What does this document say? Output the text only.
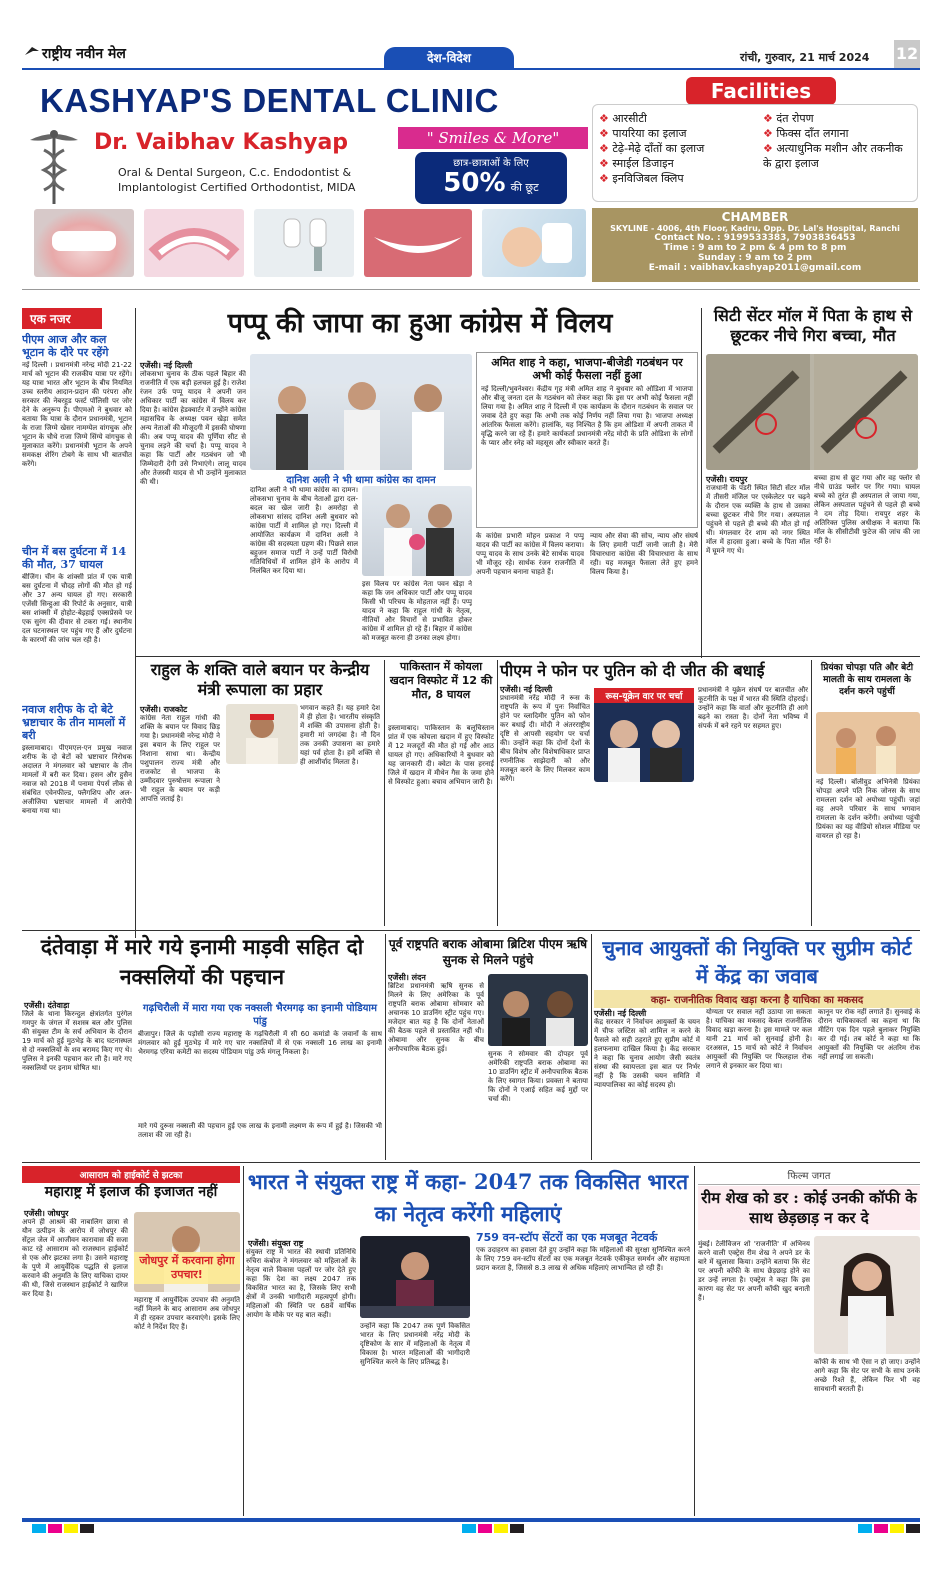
राष्ट्रीय नवीन मेल	देश-विदेश	रांची, गुरुवार, 21 मार्च 2024 12
KASHYAP'S DENTAL CLINIC
Dr. Vaibhav Kashyap
Oral & Dental Surgeon, C.c. Endodontist &
Implantologist Certified Orthodontist, MIDA
" Smiles & More"
छात्र-छात्राओं के लिए
50% की छूट
Facilities
❖ आरसीटी
❖ पायरिया का इलाज
❖ टेढ़े-मेढ़े दाँतों का इलाज
❖ स्माईल डिजाइन
❖ इनविजिबल क्लिप
❖ दंत रोपण
❖ फिक्स दाँत लगाना
❖ अत्याधुनिक मशीन और तकनीक के द्वारा इलाज
CHAMBER
SKYLINE - 4006, 4th Floor, Kadru, Opp. Dr. Lal's Hospital, Ranchi
Contact No. : 9199533383, 7903836453
Time : 9 am to 2 pm & 4 pm to 8 pm
Sunday : 9 am to 2 pm
E-mail : vaibhav.kashyap2011@gmail.com
एक नजर
पीएम आज और कल भूटान के दौरे पर रहेंगे
नई दिल्ली । प्रधानमंत्री नरेन्द्र मोदी 21-22 मार्च को भूटान की राजकीय यात्रा पर रहेंगे। यह यात्रा भारत और भूटान के बीच नियमित उच्च स्तरीय आदान-प्रदान की परंपरा और सरकार की नेबरहुड फर्स्ट पॉलिसी पर जोर देने के अनुरूप है। पीएमओ ने बुधवार को बताया कि यात्रा के दौरान प्रधानमंत्री, भूटान के राजा जिग्मे खेसर नामग्येल वांगचुक और भूटान के चौथे राजा जिग्मे सिंग्ये वांगचुक से मुलाकात करेंगे। प्रधानमंत्री भूटान के अपने समकक्ष शेरिंग टोबगे के साथ भी बातचीत करेंगे।
चीन में बस दुर्घटना में 14 की मौत, 37 घायल
बीजिंग। चीन के शांक्सी प्रांत में एक यात्री बस दुर्घटना में चौदह लोगों की मौत हो गई और 37 अन्य घायल हो गए। सरकारी एजेंसी सिन्हुआ की रिपोर्ट के अनुसार, यात्री बस शांक्सी में होहोट-बेइहाई एक्सप्रेसवे पर एक सुरंग की दीवार से टकरा गई। स्थानीय दल घटनास्थल पर पहुंच गए हैं और दुर्घटना के कारणों की जांच चल रही है।
नवाज शरीफ के दो बेटे भ्रष्टाचार के तीन मामलों में बरी
इस्लामाबाद। पीएमएल-एन प्रमुख नवाज शरीफ के दो बेटों को भ्रष्टाचार निरोधक अदालत ने मंगलवार को भ्रष्टाचार के तीन मामलों में बरी कर दिया। हसन और हुसैन नवाज को 2018 में पनामा पेपर्स लीक से संबंधित एवेनफील्ड, फ्लैगशिप और अल-अजीजिया भ्रष्टाचार मामलों में आरोपी बनाया गया था।
पप्पू की जापा का हुआ कांग्रेस में विलय
एजेंसी। नई दिल्ली
लोकसभा चुनाव के ठीक पहले बिहार की राजनीति में एक बड़ी हलचल हुई है। राजेश रंजन उर्फ पप्पू यादव ने अपनी जन अधिकार पार्टी का कांग्रेस में विलय कर दिया है। कांग्रेस हेडक्वार्टर में उन्होंने कांग्रेस महासचिव के अध्यक्ष पवन खेड़ा समेत अन्य नेताओं की मौजूदगी में इसकी घोषणा की। अब पप्पू यादव की पूर्णिया सीट से चुनाव लड़ने की चर्चा है। पप्पू यादव ने कहा कि पार्टी और गठबंधन जो भी जिम्मेदारी देगी उसे निभाएंगे। लालू यादव और तेजस्वी यादव से भी उन्होंने मुलाकात की थी।	दानिश अली ने भी थामा कांग्रेस का दामन
दानिश अली ने भी थामा कांग्रेस का दामन। लोकसभा चुनाव के बीच नेताओं द्वारा दल-बदल का खेल जारी है। अमरोहा से लोकसभा सांसद दानिश अली बुधवार को कांग्रेस पार्टी में शामिल हो गए। दिल्ली में आयोजित कार्यक्रम में दानिश अली ने कांग्रेस की सदस्यता ग्रहण की। पिछले साल बहुजन समाज पार्टी ने उन्हें पार्टी विरोधी गतिविधियों में शामिल होने के आरोप में निलंबित कर दिया था।
इस विलय पर कांग्रेस नेता पवन खेड़ा ने कहा कि जन अधिकार पार्टी और पप्पू यादव किसी भी परिचय के मोहताज नहीं हैं। पप्पू यादव ने कहा कि राहुल गांधी के नेतृत्व, नीतियों और विचारों से प्रभावित होकर कांग्रेस में शामिल हो रहे हैं। बिहार में कांग्रेस को मजबूत करना ही उनका लक्ष्य होगा।
अमित शाह ने कहा, भाजपा-बीजेडी गठबंधन पर अभी कोई फैसला नहीं हुआ
नई दिल्ली/भुवनेश्वर। केंद्रीय गृह मंत्री अमित शाह ने बुधवार को ओडिशा में भाजपा और बीजू जनता दल के गठबंधन को लेकर कहा कि इस पर अभी कोई फैसला नहीं लिया गया है। अमित शाह ने दिल्ली में एक कार्यक्रम के दौरान गठबंधन के सवाल पर जवाब देते हुए कहा कि अभी तक कोई निर्णय नहीं लिया गया है। भाजपा अध्यक्ष आंतरिक फैसला करेंगे। हालांकि, यह निश्चित है कि हम ओडिशा में अपनी ताकत में वृद्धि करने जा रहे हैं। हमारे कार्यकर्ता प्रधानमंत्री नरेंद्र मोदी के प्रति ओडिशा के लोगों के प्यार और स्नेह को महसूस और स्वीकार करते हैं।
के कांग्रेस प्रभारी मोहन प्रकाश ने पप्पू यादव की पार्टी का कांग्रेस में विलय कराया। पप्पू यादव के साथ उनके बेटे सार्थक यादव भी मौजूद रहे। सार्थक रंजन राजनीति में अपनी पहचान बनाना चाहते हैं।
न्याय और सेवा की सोच, न्याय और संघर्ष के लिए हमारी पार्टी जानी जाती है। मेरी विचारधारा कांग्रेस की विचारधारा के साथ रही। यह मजबूत फैसला लेते हुए हमने विलय किया है।
सिटी सेंटर मॉल में पिता के हाथ से छूटकर नीचे गिरा बच्चा, मौत
एजेंसी। रायपुर
राजधानी के पंडरी स्थित सिटी सेंटर मॉल में तीसरी मंजिल पर एस्केलेटर पर चढ़ने के दौरान एक व्यक्ति के हाथ से उसका बच्चा छूटकर नीचे गिर गया। अस्पताल पहुंचने से पहले ही बच्चे की मौत हो गई थी। मंगलवार देर शाम को नगर स्थित मॉल में हादसा हुआ। बच्चे के पिता मॉल में घूमने गए थे।
बच्चा हाथ से छूट गया और वह फ्लोर से नीचे ग्राउंड फ्लोर पर गिर गया। घायल बच्चे को तुरंत ही अस्पताल ले जाया गया, लेकिन अस्पताल पहुंचने से पहले ही बच्चे ने दम तोड़ दिया। रायपुर शहर के अतिरिक्त पुलिस अधीक्षक ने बताया कि मॉल के सीसीटीवी फुटेज की जांच की जा रही है।
राहुल के शक्ति वाले बयान पर केन्द्रीय मंत्री रूपाला का प्रहार
एजेंसी। राजकोट
कांग्रेस नेता राहुल गांधी की शक्ति के बयान पर विवाद छिड़ गया है। प्रधानमंत्री नरेन्द्र मोदी ने इस बयान के लिए राहुल पर निशाना साधा था। केन्द्रीय पशुपालन राज्य मंत्री और राजकोट से भाजपा के उम्मीदवार पुरुषोत्तम रूपाला ने भी राहुल के बयान पर कड़ी आपत्ति जताई है।
भगवान कहते हैं। यह हमारे देश में ही होता है। भारतीय संस्कृति में शक्ति की उपासना होती है। हमारी मां जगदंबा है। नौ दिन तक उनकी उपासना का हमारे यहां पर्व होता है। हमें शक्ति से ही आशीर्वाद मिलता है।
पाकिस्तान में कोयला खदान विस्फोट में 12 की मौत, 8 घायल
इस्लामाबाद। पाकिस्तान के बलूचिस्तान प्रांत में एक कोयला खदान में हुए विस्फोट में 12 मजदूरों की मौत हो गई और आठ घायल हो गए। अधिकारियों ने बुधवार को यह जानकारी दी। क्वेटा के पास हरनाई जिले में खदान में मीथेन गैस के जमा होने से विस्फोट हुआ। बचाव अभियान जारी है।
पीएम ने फोन पर पुतिन को दी जीत की बधाई
एजेंसी। नई दिल्ली
प्रधानमंत्री नरेंद्र मोदी ने रूस के राष्ट्रपति के रूप में पुनः निर्वाचित होने पर व्लादिमीर पुतिन को फोन कर बधाई दी। मोदी ने अंतरराष्ट्रीय दृष्टि से आपसी सहयोग पर चर्चा की। उन्होंने कहा कि दोनों देशों के बीच विशेष और विशेषाधिकार प्राप्त रणनीतिक साझेदारी को और मजबूत करने के लिए मिलकर काम करेंगे।
रूस-यूक्रेन वार पर चर्चा
प्रधानमंत्री ने यूक्रेन संघर्ष पर बातचीत और कूटनीति के पक्ष में भारत की स्थिति दोहराई। उन्होंने कहा कि वार्ता और कूटनीति ही आगे बढ़ने का रास्ता है। दोनों नेता भविष्य में संपर्क में बने रहने पर सहमत हुए।
प्रियंका चोपड़ा पति और बेटी मालती के साथ रामलला के दर्शन करने पहुंचीं
नई दिल्ली। बॉलीवुड अभिनेत्री प्रियंका चोपड़ा अपने पति निक जोनस के साथ रामलला दर्शन को अयोध्या पहुंचीं। जहां वह अपने परिवार के साथ भगवान रामलला के दर्शन करेंगी। अयोध्या पहुंची प्रियंका का यह वीडियो सोशल मीडिया पर वायरल हो रहा है।
दंतेवाड़ा में मारे गये इनामी माड़वी सहित दो नक्सलियों की पहचान
एजेंसी। दंतेवाड़ा
जिले के थाना किरन्दुल क्षेत्रांतर्गत पुरंगेल गमपुर के जंगल में सशस्त्र बल और पुलिस की संयुक्त टीम के सर्च अभियान के दौरान 19 मार्च को हुई मुठभेड़ के बाद घटनास्थल से दो नक्सलियों के शव बरामद किए गए थे। पुलिस ने इनकी पहचान कर ली है। मारे गए नक्सलियों पर इनाम घोषित था।
गढ़चिरौली में मारा गया एक नक्सली भैरमगढ़ का इनामी पोडियाम पांडु
बीजापुर। जिले के पड़ोसी राज्य महाराष्ट्र के गढ़चिरौली में सी 60 कमांडो के जवानों के साथ मंगलवार को हुई मुठभेड़ में मारे गए चार नक्सलियों में से एक नक्सली 16 लाख का इनामी भैरमगढ़ एरिया कमेटी का सदस्य पोडियाम पांडु उर्फ मंगलू निकला है।
मारे गये दुरूस नक्सली की पहचान हुई एक लाख के इनामी लक्ष्मण के रूप में हुई है। जिसकी भी तलाश की जा रही है।
पूर्व राष्ट्रपति बराक ओबामा ब्रिटिश पीएम ऋषि सुनक से मिलने पहुंचे
एजेंसी। लंदन
ब्रिटिश प्रधानमंत्री ऋषि सुनक से मिलने के लिए अमेरिका के पूर्व राष्ट्रपति बराक ओबामा सोमवार को अचानक 10 डाउनिंग स्ट्रीट पहुंच गए। मजेदार बात यह है कि दोनों नेताओं की बैठक पहले से प्रस्तावित नहीं थी। ओबामा और सुनक के बीच अनौपचारिक बैठक हुई।
सुनक ने सोमवार की दोपहर पूर्व अमेरिकी राष्ट्रपति बराक ओबामा का 10 डाउनिंग स्ट्रीट में अनौपचारिक बैठक के लिए स्वागत किया। प्रवक्ता ने बताया कि दोनों ने एआई सहित कई मुद्दों पर चर्चा की।
चुनाव आयुक्तों की नियुक्ति पर सुप्रीम कोर्ट में केंद्र का जवाब
कहा- राजनीतिक विवाद खड़ा करना है याचिका का मकसद
एजेंसी। नई दिल्ली
केंद्र सरकार ने निर्वाचन आयुक्तों के चयन में चीफ जस्टिस को शामिल न करने के फैसले को सही ठहराते हुए सुप्रीम कोर्ट में हलफनामा दाखिल किया है। केंद्र सरकार ने कहा कि चुनाव आयोग जैसी स्वतंत्र संस्था की स्वायत्तता इस बात पर निर्भर नहीं है कि उसकी चयन समिति में न्यायपालिका का कोई सदस्य हो।
योग्यता पर सवाल नहीं उठाया जा सकता है। याचिका का मकसद केवल राजनीतिक विवाद खड़ा करना है। इस मामले पर कल यानी 21 मार्च को सुनवाई होनी है। दरअसल, 15 मार्च को कोर्ट ने निर्वाचन आयुक्तों की नियुक्ति पर फिलहाल रोक लगाने से इनकार कर दिया था।
कानून पर रोक नहीं लगाते हैं। सुनवाई के दौरान याचिकाकर्ता का कहना था कि मीटिंग एक दिन पहले बुलाकर नियुक्ति कर दी गई। तब कोर्ट ने कहा था कि आयुक्तों की नियुक्ति पर अंतरिम रोक नहीं लगाई जा सकती।
आसाराम को हाईकोर्ट से झटका
महाराष्ट्र में इलाज की इजाजत नहीं
एजेंसी। जोधपुर
अपने ही आश्रम की नाबालिग छात्रा से यौन उत्पीड़न के आरोप में जोधपुर की सेंट्रल जेल में आजीवन कारावास की सजा काट रहे आसाराम को राजस्थान हाईकोर्ट से एक और झटका लगा है। उसने महाराष्ट्र के पुणे में आयुर्वेदिक पद्धति से इलाज करवाने की अनुमति के लिए याचिका दायर की थी, जिसे राजस्थान हाईकोर्ट ने खारिज कर दिया है।
जोधपुर में करवाना होगा उपचार!
महाराष्ट्र में आयुर्वेदिक उपचार की अनुमति नहीं मिलने के बाद आसाराम अब जोधपुर में ही रहकर उपचार करवाएंगे। इसके लिए कोर्ट ने निर्देश दिए हैं।
भारत ने संयुक्त राष्ट्र में कहा- 2047 तक विकसित भारत का नेतृत्व करेंगी महिलाएं
एजेंसी। संयुक्त राष्ट्र
संयुक्त राष्ट्र में भारत की स्थायी प्रतिनिधि रुचिरा कंबोज ने मंगलवार को महिलाओं के नेतृत्व वाले विकास पहलों पर जोर देते हुए कहा कि देश का लक्ष्य 2047 तक विकसित भारत का है, जिसके लिए सभी क्षेत्रों में उनकी भागीदारी महत्वपूर्ण होगी। महिलाओं की स्थिति पर 68वें वार्षिक आयोग के मौके पर यह बात कही।
उन्होंने कहा कि 2047 तक पूर्ण विकसित भारत के लिए प्रधानमंत्री नरेंद्र मोदी के दृष्टिकोण के सार में महिलाओं के नेतृत्व में विकास है। भारत महिलाओं की भागीदारी सुनिश्चित करने के लिए प्रतिबद्ध है।
759 वन-स्टॉप सेंटरों का एक मजबूत नेटवर्क
एक उदाहरण का हवाला देते हुए उन्होंने कहा कि महिलाओं की सुरक्षा सुनिश्चित करने के लिए 759 वन-स्टॉप सेंटरों का एक मजबूत नेटवर्क एकीकृत समर्थन और सहायता प्रदान करता है, जिससे 8.3 लाख से अधिक महिलाएं लाभान्वित हो रही हैं।
फिल्म जगत
रीम शेख को डर : कोई उनकी कॉफी के साथ छेड़छाड़ न कर दे
मुंबई। टेलीविजन शो 'राजनीति' में अभिनय करने वाली एक्ट्रेस रीम शेख ने अपने डर के बारे में खुलासा किया। उन्होंने बताया कि सेट पर अपनी कॉफी के साथ छेड़छाड़ होने का डर उन्हें लगता है। एक्ट्रेस ने कहा कि इस कारण वह सेट पर अपनी कॉफी खुद बनाती हैं।
कॉफी के साथ भी ऐसा न हो जाए। उन्होंने आगे कहा कि सेट पर सभी के साथ उनके अच्छे रिश्ते हैं, लेकिन फिर भी वह सावधानी बरतती हैं।
